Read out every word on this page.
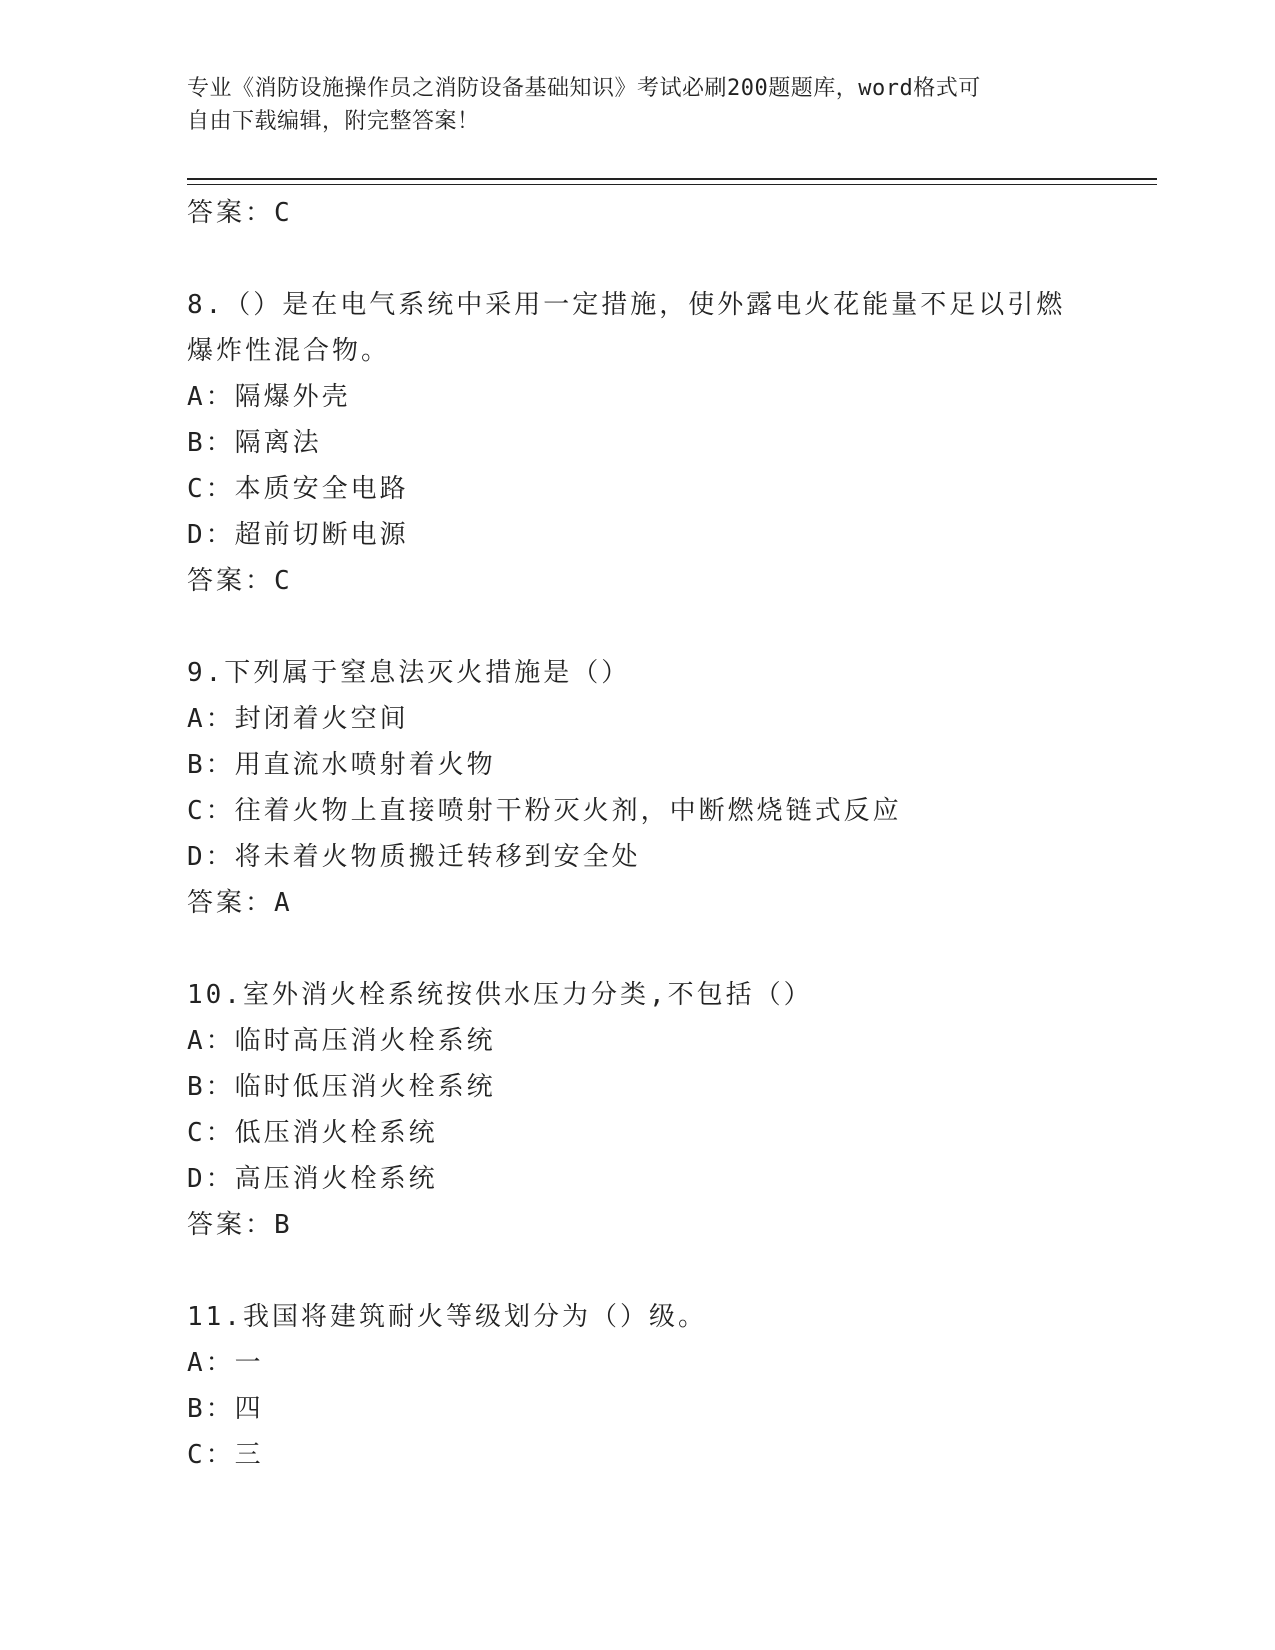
专业《消防设施操作员之消防设备基础知识》考试必刷200题题库，word格式可
自由下载编辑，附完整答案！
答案：C
8.（）是在电气系统中采用一定措施，使外露电火花能量不足以引燃
爆炸性混合物。
A：隔爆外壳
B：隔离法
C：本质安全电路
D：超前切断电源
答案：C
9.下列属于窒息法灭火措施是（）
A：封闭着火空间
B：用直流水喷射着火物
C：往着火物上直接喷射干粉灭火剂，中断燃烧链式反应
D：将未着火物质搬迁转移到安全处
答案：A
10.室外消火栓系统按供水压力分类,不包括（）
A：临时高压消火栓系统
B：临时低压消火栓系统
C：低压消火栓系统
D：高压消火栓系统
答案：B
11.我国将建筑耐火等级划分为（）级。
A：一
B：四
C：三
